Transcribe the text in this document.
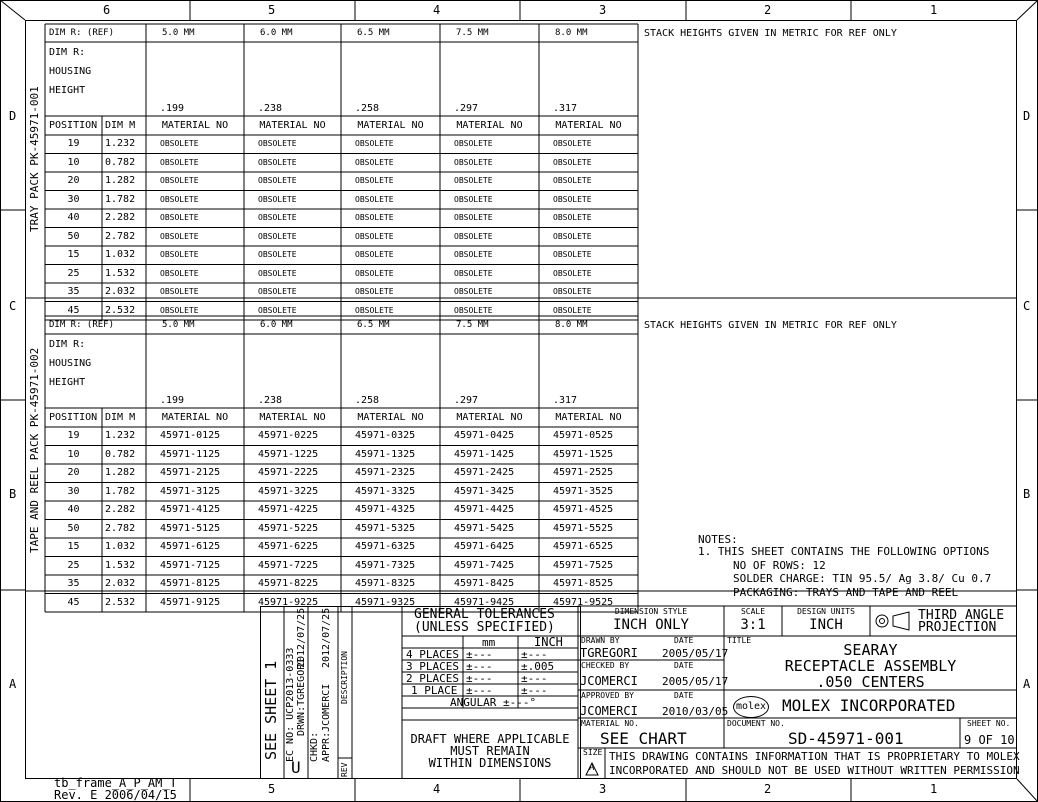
6	5	4	3	2	1
5	4	3	2	1
D
C
B
A
D
C
B
A
TRAY PACK PK-45971-001
TAPE AND REEL PACK PK-45971-002
DIM R: (REF)	5.0 MM	6.0 MM	6.5 MM	7.5 MM	8.0 MM	STACK HEIGHTS GIVEN IN METRIC FOR REF ONLY
DIM R:
HOUSING
HEIGHT
.199	.238	.258	.297	.317
POSITION DIM M	MATERIAL NO	MATERIAL NO	MATERIAL NO	MATERIAL NO	MATERIAL NO
19	1.232	OBSOLETE	OBSOLETE	OBSOLETE	OBSOLETE	OBSOLETE
10	0.782	OBSOLETE	OBSOLETE	OBSOLETE	OBSOLETE	OBSOLETE
20	1.282	OBSOLETE	OBSOLETE	OBSOLETE	OBSOLETE	OBSOLETE
30	1.782	OBSOLETE	OBSOLETE	OBSOLETE	OBSOLETE	OBSOLETE
40	2.282	OBSOLETE	OBSOLETE	OBSOLETE	OBSOLETE	OBSOLETE
50	2.782	OBSOLETE	OBSOLETE	OBSOLETE	OBSOLETE	OBSOLETE
15	1.032	OBSOLETE	OBSOLETE	OBSOLETE	OBSOLETE	OBSOLETE
25	1.532	OBSOLETE	OBSOLETE	OBSOLETE	OBSOLETE	OBSOLETE
35	2.032	OBSOLETE	OBSOLETE	OBSOLETE	OBSOLETE	OBSOLETE
45	2.532	OBSOLETE	OBSOLETE	OBSOLETE	OBSOLETE	OBSOLETE
DIM R: (REF)	5.0 MM	6.0 MM	6.5 MM	7.5 MM	8.0 MM	STACK HEIGHTS GIVEN IN METRIC FOR REF ONLY
DIM R:
HOUSING
HEIGHT
.199	.238	.258	.297	.317
POSITION DIM M	MATERIAL NO	MATERIAL NO	MATERIAL NO	MATERIAL NO	MATERIAL NO
19	1.232 45971-0125	45971-0225	45971-0325	45971-0425	45971-0525
10	0.782 45971-1125	45971-1225	45971-1325	45971-1425	45971-1525
20	1.282 45971-2125	45971-2225	45971-2325	45971-2425	45971-2525
30	1.782 45971-3125	45971-3225	45971-3325	45971-3425	45971-3525
40	2.282 45971-4125	45971-4225	45971-4325	45971-4425	45971-4525
50	2.782 45971-5125	45971-5225	45971-5325	45971-5425	45971-5525
15	1.032 45971-6125	45971-6225	45971-6325	45971-6425	45971-6525
25	1.532 45971-7125	45971-7225	45971-7325	45971-7425	45971-7525
35	2.032 45971-8125	45971-8225	45971-8325	45971-8425	45971-8525
45	2.532 45971-9125	45971-9225	45971-9325	45971-9425	45971-9525
NOTES:
1. THIS SHEET CONTAINS THE FOLLOWING OPTIONS
NO OF ROWS: 12
SOLDER CHARGE: TIN 95.5/ Ag 3.8/ Cu 0.7
PACKAGING: TRAYS AND TAPE AND REEL
SEE SHEET 1 EC NO: UCP2013-0333 DRWN:TGREGORI
2012/07/25
CHKD: APPR:JCOMERCI
2012/07/25
DESCRIPTION
REV
U
GENERAL TOLERANCES
(UNLESS SPECIFIED)
mm	INCH
4 PLACES ±---	±---
3 PLACES ±---	±.005
2 PLACES ±---	±---
1 PLACE ±---	±---
ANGULAR ±---°
DRAFT WHERE APPLICABLE
MUST REMAIN
WITHIN DIMENSIONS
DIMENSION STYLE
INCH ONLY
SCALE
3:1
DESIGN UNITS
INCH
THIRD ANGLE
PROJECTION
DRAWN BY	DATE
TGREGORI 2005/05/17
CHECKED BY	DATE
JCOMERCI 2005/05/17
APPROVED BY	DATE
JCOMERCI 2010/03/05
TITLE
SEARAY
RECEPTACLE ASSEMBLY
.050 CENTERS
molex MOLEX INCORPORATED
MATERIAL NO.
SEE CHART
DOCUMENT NO.
SD-45971-001
SHEET NO.
9 OF 10
SIZE
A
THIS DRAWING CONTAINS INFORMATION THAT IS PROPRIETARY TO MOLEX
INCORPORATED AND SHOULD NOT BE USED WITHOUT WRITTEN PERMISSION
tb_frame_A_P_AM_T
Rev. E 2006/04/15
